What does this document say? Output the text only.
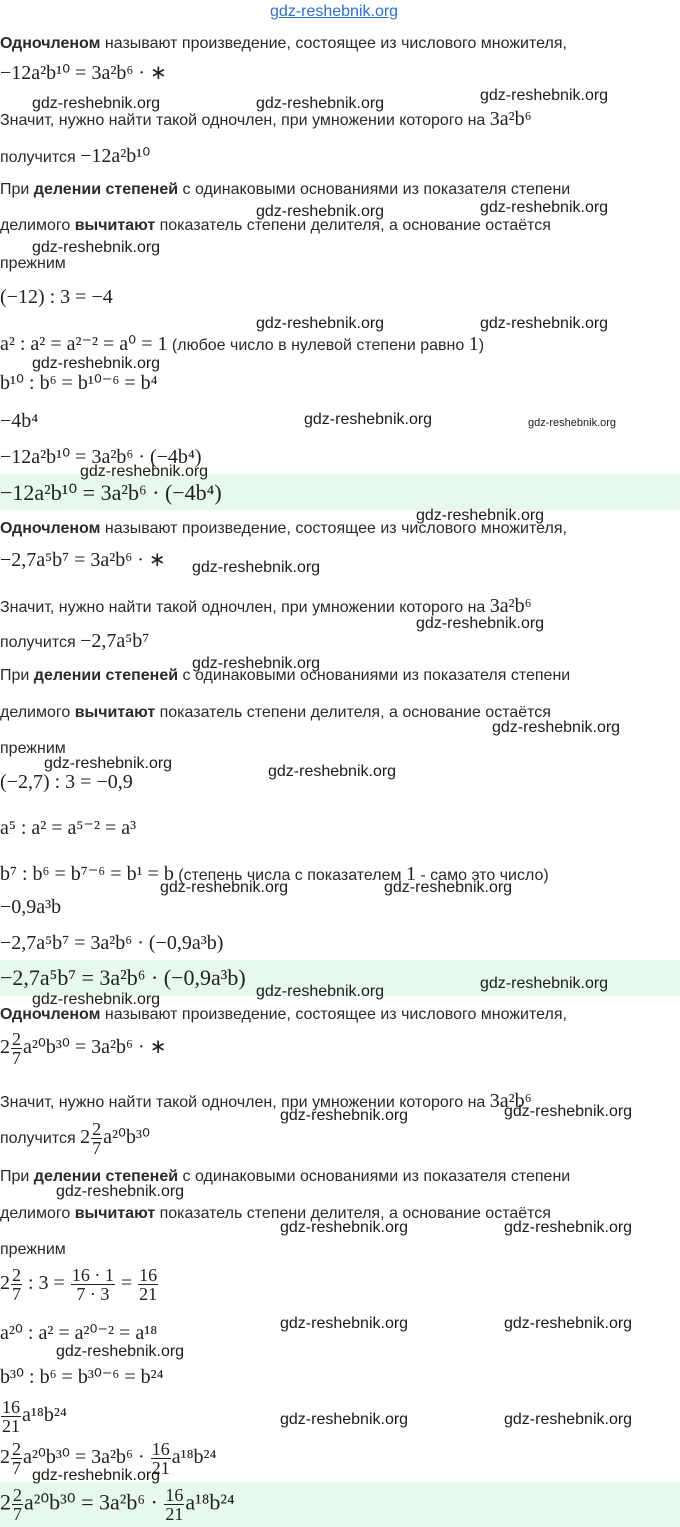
Одночленом называют произведение, состоящее из числового множителя,
−12a²b¹⁰ = 3a²b⁶ · ∗
Значит, нужно найти такой одночлен, при умножении которого на 3a²b⁶
получится −12a²b¹⁰
При делении степеней с одинаковыми основаниями из показателя степени
делимого вычитают показатель степени делителя, а основание остаётся
прежним
(−12) : 3 = −4
a² : a² = a²⁻² = a⁰ = 1 (любое число в нулевой степени равно 1)
b¹⁰ : b⁶ = b¹⁰⁻⁶ = b⁴
−4b⁴
−12a²b¹⁰ = 3a²b⁶ · (−4b⁴)
−12a²b¹⁰ = 3a²b⁶ · (−4b⁴)
Одночленом называют произведение, состоящее из числового множителя,
−2,7a⁵b⁷ = 3a²b⁶ · ∗
Значит, нужно найти такой одночлен, при умножении которого на 3a²b⁶
получится −2,7a⁵b⁷
При делении степеней с одинаковыми основаниями из показателя степени
делимого вычитают показатель степени делителя, а основание остаётся
прежним
(−2,7) : 3 = −0,9
a⁵ : a² = a⁵⁻² = a³
b⁷ : b⁶ = b⁷⁻⁶ = b¹ = b (степень числа с показателем 1 - само это число)
−0,9a³b
−2,7a⁵b⁷ = 3a²b⁶ · (−0,9a³b)
−2,7a⁵b⁷ = 3a²b⁶ · (−0,9a³b)
Одночленом называют произведение, состоящее из числового множителя,
$2 \frac{2}{7} a^{20}b^{30} = 3a^2b^6$ · ∗
Значит, нужно найти такой одночлен, при умножении которого на 3a²b⁶
получится $2 \frac{2}{7} a^{20}b^{30}$
При делении степеней с одинаковыми основаниями из показателя степени
делимого вычитают показатель степени делителя, а основание остаётся
прежним
$2 \frac{2}{7}$ : $3 = \frac{16 \cdot 1}{7 \cdot 3} = \frac{16}{21}$
a²⁰ : a² = a²⁰⁻² = a¹⁸
b³⁰ : b⁶ = b³⁰⁻⁶ = b²⁴
$\frac{16}{21} a^{18}b^{24}$
$2 \frac{2}{7} a^{20}b^{30} = 3a^2b^6 \cdot \frac{16}{21} a^{18}b^{24}$
$2 \frac{2}{7} a^{20}b^{30} = 3a^2b^6 \cdot \frac{16}{21} a^{18}b^{24}$
gdz-reshebnik.org
gdz-reshebnik.org	gdz-reshebnik.org	gdz-reshebnik.org
gdz-reshebnik.org	gdz-reshebnik.org
gdz-reshebnik.org
gdz-reshebnik.org	gdz-reshebnik.org
gdz-reshebnik.org
gdz-reshebnik.org	gdz-reshebnik.org
gdz-reshebnik.org
gdz-reshebnik.org
gdz-reshebnik.org
gdz-reshebnik.org
gdz-reshebnik.org
gdz-reshebnik.org
gdz-reshebnik.org	gdz-reshebnik.org
gdz-reshebnik.org	gdz-reshebnik.org
gdz-reshebnik.org	gdz-reshebnik.org
gdz-reshebnik.org
gdz-reshebnik.org	gdz-reshebnik.org
gdz-reshebnik.org
gdz-reshebnik.org	gdz-reshebnik.org
gdz-reshebnik.org	gdz-reshebnik.org
gdz-reshebnik.org
gdz-reshebnik.org	gdz-reshebnik.org
gdz-reshebnik.org
